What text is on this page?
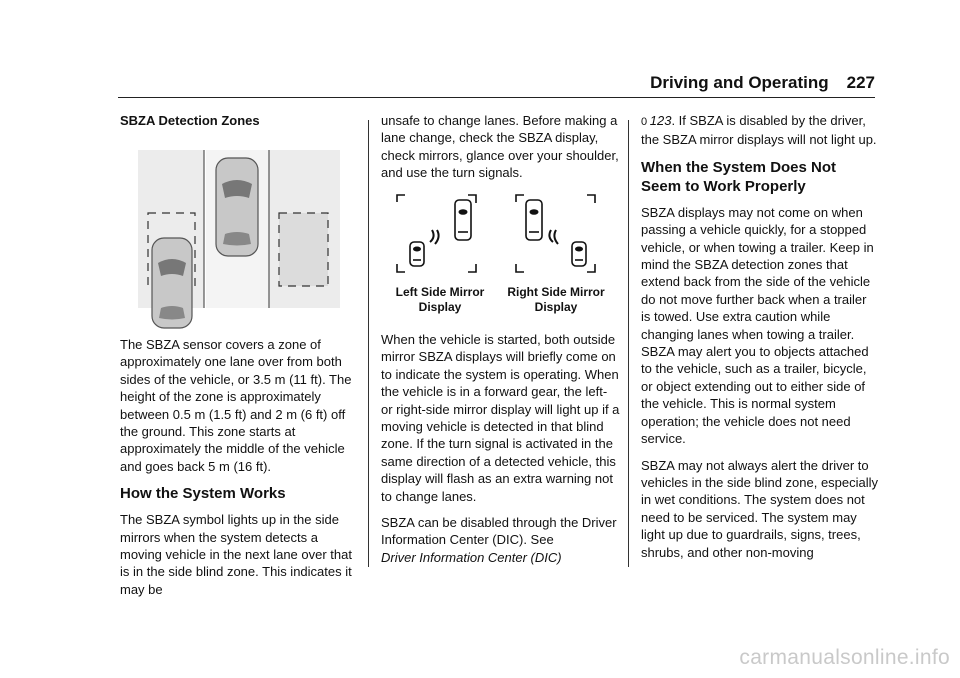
Driving and Operating 227
SBZA Detection Zones

The SBZA sensor covers a zone of approximately one lane over from both sides of the vehicle, or 3.5 m (11 ft). The height of the zone is approximately between 0.5 m (1.5 ft) and 2 m (6 ft) off the ground. This zone starts at approximately the middle of the vehicle and goes back 5 m (16 ft).

How the System Works

The SBZA symbol lights up in the side mirrors when the system detects a moving vehicle in the next lane over that is in the side blind zone. This indicates it may be

unsafe to change lanes. Before making a lane change, check the SBZA display, check mirrors, glance over your shoulder, and use the turn signals.

Left Side Mirror Display
Right Side Mirror Display

When the vehicle is started, both outside mirror SBZA displays will briefly come on to indicate the system is operating. When the vehicle is in a forward gear, the left- or right-side mirror display will light up if a moving vehicle is detected in that blind zone. If the turn signal is activated in the same direction of a detected vehicle, this display will flash as an extra warning not to change lanes.

SBZA can be disabled through the Driver Information Center (DIC). See
Driver Information Center (DIC)

0  123. If SBZA is disabled by the driver, the SBZA mirror displays will not light up.

When the System Does Not Seem to Work Properly

SBZA displays may not come on when passing a vehicle quickly, for a stopped vehicle, or when towing a trailer. Keep in mind the SBZA detection zones that extend back from the side of the vehicle do not move further back when a trailer is towed. Use extra caution while changing lanes when towing a trailer. SBZA may alert you to objects attached to the vehicle, such as a trailer, bicycle, or object extending out to either side of the vehicle. This is normal system operation; the vehicle does not need service.

SBZA may not always alert the driver to vehicles in the side blind zone, especially in wet conditions. The system does not need to be serviced. The system may light up due to guardrails, signs, trees, shrubs, and other non-moving

carmanualsonline.info
